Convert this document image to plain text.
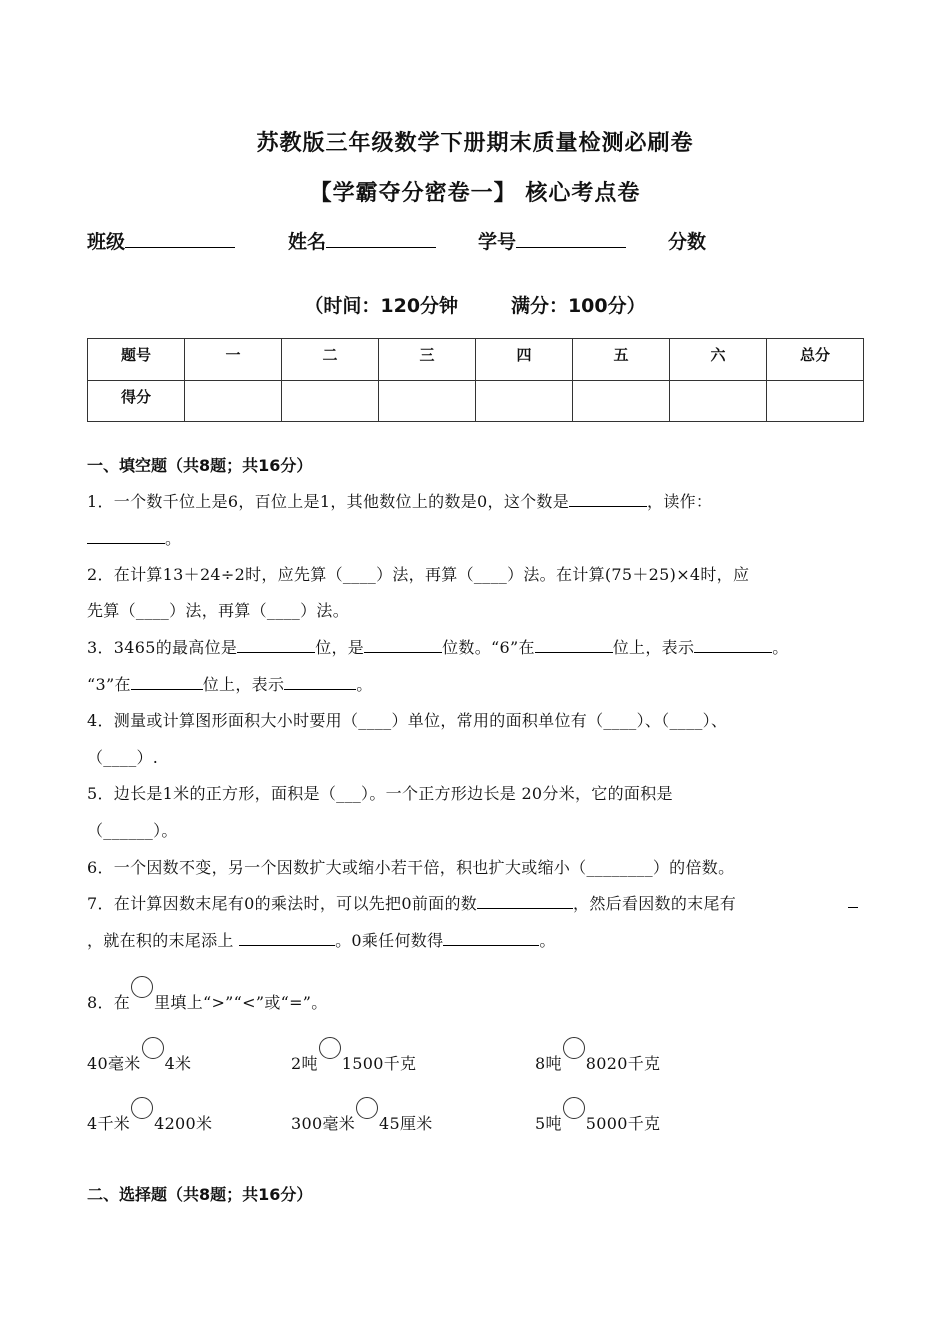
苏教版三年级数学下册期末质量检测必刷卷
【学霸夺分密卷一】 核心考点卷
班级	姓名	学号	分数
（时间：120分钟        满分：100分）
题号	一	二	三	四	五	六	总分
得分							
一、填空题（共8题；共16分）
1．一个数千位上是6，百位上是1，其他数位上的数是0，这个数是	，读作：
。
2．在计算13＋24÷2时，应先算（____）法，再算（____）法。在计算(75＋25)×4时，应
先算（____）法，再算（____）法。
3．3465的最高位是	位，是	位数。“6”在	位上，表示	。
“3”在	位上，表示	。
4．测量或计算图形面积大小时要用（____）单位，常用的面积单位有（____）、（____）、
（____）.
5．边长是1米的正方形，面积是（___）。一个正方形边长是 20分米，它的面积是
（______）。
6．一个因数不变，另一个因数扩大或缩小若干倍，积也扩大或缩小（________）的倍数。
7．在计算因数末尾有0的乘法时，可以先把0前面的数	，然后看因数的末尾有
，就在积的末尾添上	。0乘任何数得	。
8．在 里填上“>”“<”或“=”。
40毫米 4米	2吨 1500千克	8吨 8020千克
4千米 4200米	300毫米 45厘米	5吨 5000千克
二、选择题（共8题；共16分）
